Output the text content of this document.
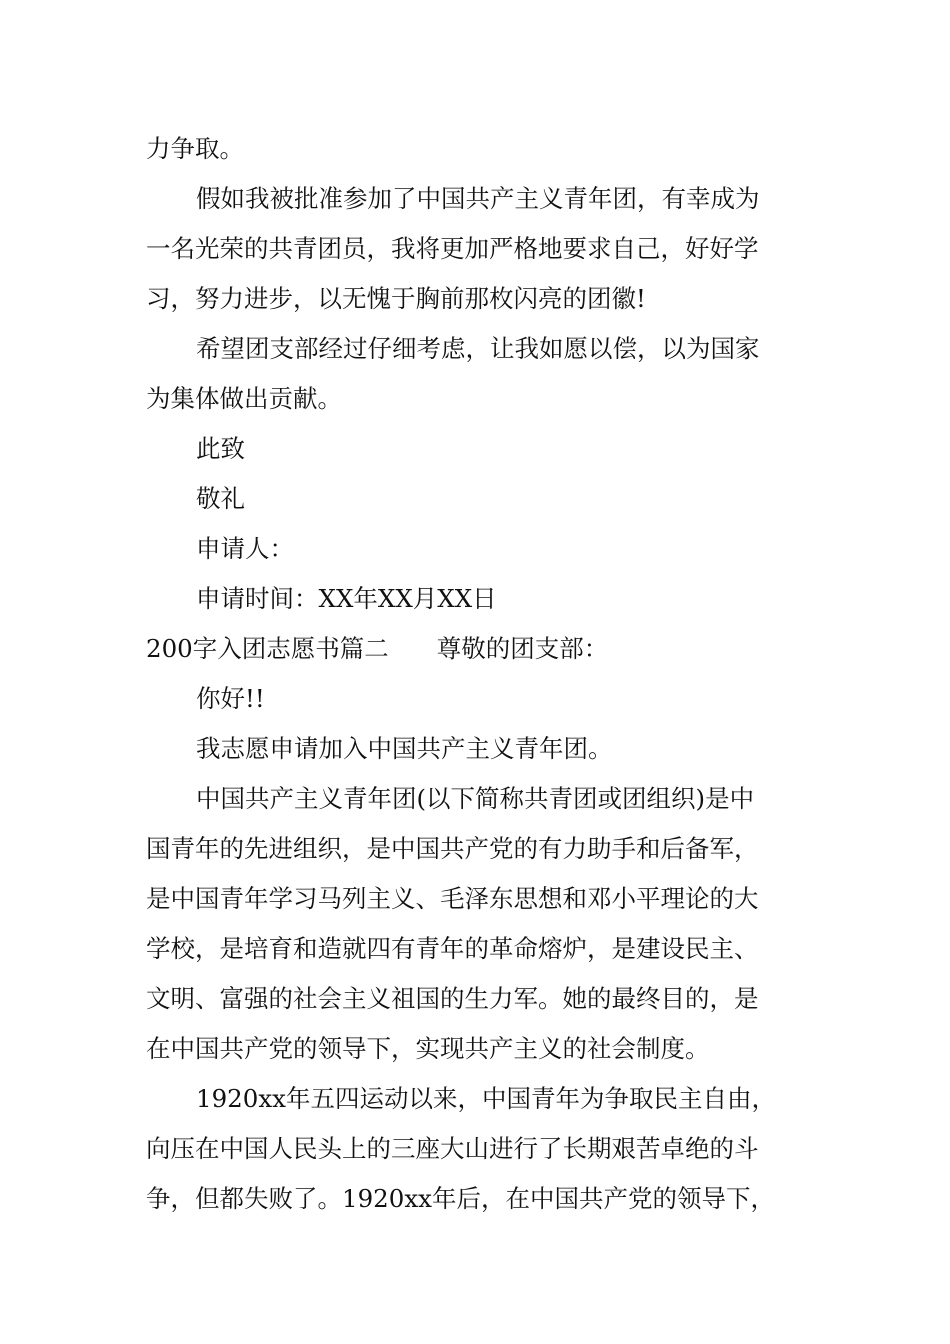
力争取。
假如我被批准参加了中国共产主义青年团，有幸成为
一名光荣的共青团员，我将更加严格地要求自己，好好学
习，努力进步，以无愧于胸前那枚闪亮的团徽!
希望团支部经过仔细考虑，让我如愿以偿，以为国家
为集体做出贡献。
此致
敬礼
申请人：
申请时间：XX年XX月XX日
200字入团志愿书篇二 尊敬的团支部：
你好!!
我志愿申请加入中国共产主义青年团。
中国共产主义青年团(以下简称共青团或团组织)是中
国青年的先进组织，是中国共产党的有力助手和后备军，
是中国青年学习马列主义、毛泽东思想和邓小平理论的大
学校，是培育和造就四有青年的革命熔炉，是建设民主、
文明、富强的社会主义祖国的生力军。她的最终目的，是
在中国共产党的领导下，实现共产主义的社会制度。
1920xx年五四运动以来，中国青年为争取民主自由，
向压在中国人民头上的三座大山进行了长期艰苦卓绝的斗
争，但都失败了。1920xx年后，在中国共产党的领导下，
